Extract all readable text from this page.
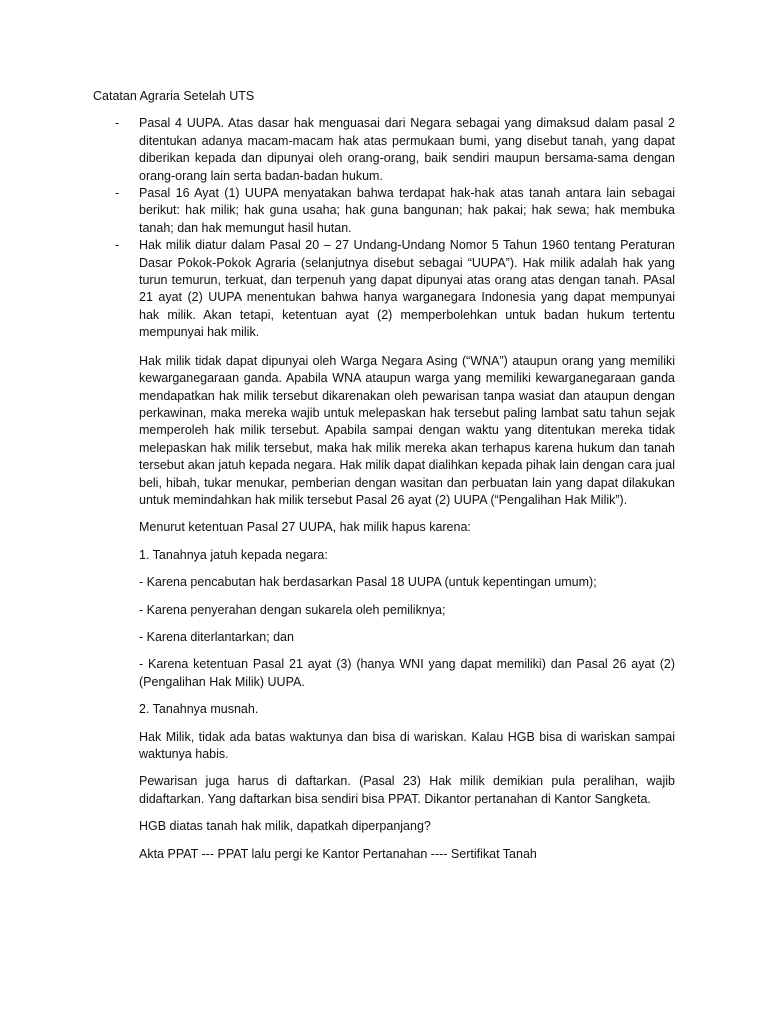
Catatan Agraria Setelah UTS
- Pasal 4 UUPA. Atas dasar hak menguasai dari Negara sebagai yang dimaksud dalam pasal 2 ditentukan adanya macam-macam hak atas permukaan bumi, yang disebut tanah, yang dapat diberikan kepada dan dipunyai oleh orang-orang, baik sendiri maupun bersama-sama dengan orang-orang lain serta badan-badan hukum.
- Pasal 16 Ayat (1) UUPA menyatakan bahwa terdapat hak-hak atas tanah antara lain sebagai berikut: hak milik; hak guna usaha; hak guna bangunan; hak pakai; hak sewa; hak membuka tanah; dan hak memungut hasil hutan.
- Hak milik diatur dalam Pasal 20 – 27 Undang-Undang Nomor 5 Tahun 1960 tentang Peraturan Dasar Pokok-Pokok Agraria (selanjutnya disebut sebagai “UUPA”). Hak milik adalah hak yang turun temurun, terkuat, dan terpenuh yang dapat dipunyai atas orang atas dengan tanah. PAsal 21 ayat (2) UUPA menentukan bahwa hanya warganegara Indonesia yang dapat mempunyai hak milik. Akan tetapi, ketentuan ayat (2) memperbolehkan untuk badan hukum tertentu mempunyai hak milik.

Hak milik tidak dapat dipunyai oleh Warga Negara Asing (“WNA”) ataupun orang yang memiliki kewarganegaraan ganda. Apabila WNA ataupun warga yang memiliki kewarganegaraan ganda mendapatkan hak milik tersebut dikarenakan oleh pewarisan tanpa wasiat dan ataupun dengan perkawinan, maka mereka wajib untuk melepaskan hak tersebut paling lambat satu tahun sejak memperoleh hak milik tersebut. Apabila sampai dengan waktu yang ditentukan mereka tidak melepaskan hak milik tersebut, maka hak milik mereka akan terhapus karena hukum dan tanah tersebut akan jatuh kepada negara. Hak milik dapat dialihkan kepada pihak lain dengan cara jual beli, hibah, tukar menukar, pemberian dengan wasitan dan perbuatan lain yang dapat dilakukan untuk memindahkan hak milik tersebut Pasal 26 ayat (2) UUPA (“Pengalihan Hak Milik”).

Menurut ketentuan Pasal 27 UUPA, hak milik hapus karena:

1. Tanahnya jatuh kepada negara:

- Karena pencabutan hak berdasarkan Pasal 18 UUPA (untuk kepentingan umum);

- Karena penyerahan dengan sukarela oleh pemiliknya;

- Karena diterlantarkan; dan

- Karena ketentuan Pasal 21 ayat (3) (hanya WNI yang dapat memiliki) dan Pasal 26 ayat (2) (Pengalihan Hak Milik) UUPA.

2. Tanahnya musnah.

Hak Milik, tidak ada batas waktunya dan bisa di wariskan. Kalau HGB bisa di wariskan sampai waktunya habis.

Pewarisan juga harus di daftarkan. (Pasal 23) Hak milik demikian pula peralihan, wajib didaftarkan. Yang daftarkan bisa sendiri bisa PPAT. Dikantor pertanahan di Kantor Sangketa.

HGB diatas tanah hak milik, dapatkah diperpanjang?

Akta PPAT --- PPAT lalu pergi ke Kantor Pertanahan ---- Sertifikat Tanah
